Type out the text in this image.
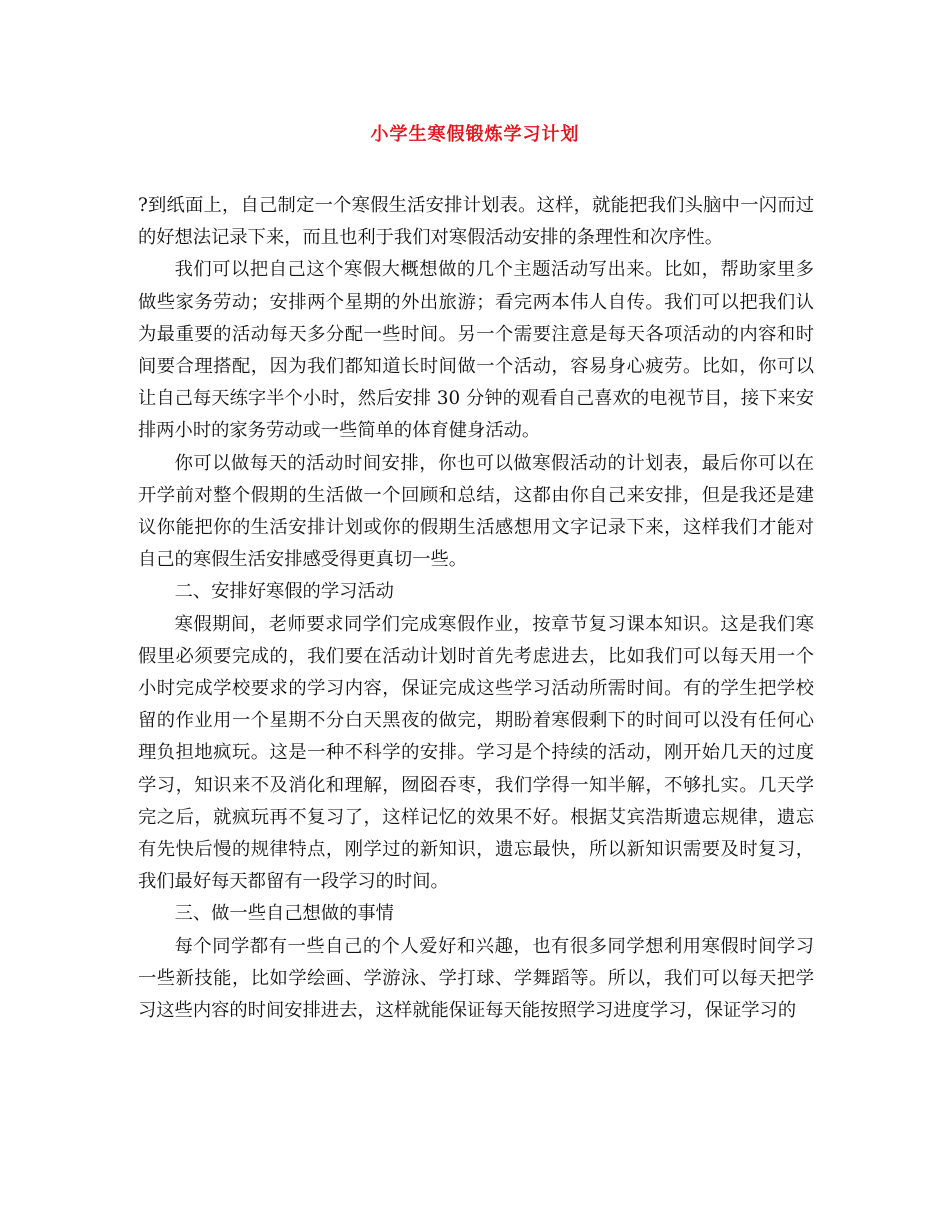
小学生寒假锻炼学习计划

?到纸面上，自己制定一个寒假生活安排计划表。这样，就能把我们头脑中一闪而过的好想法记录下来，而且也利于我们对寒假活动安排的条理性和次序性。

我们可以把自己这个寒假大概想做的几个主题活动写出来。比如，帮助家里多做些家务劳动；安排两个星期的外出旅游；看完两本伟人自传。我们可以把我们认为最重要的活动每天多分配一些时间。另一个需要注意是每天各项活动的内容和时间要合理搭配，因为我们都知道长时间做一个活动，容易身心疲劳。比如，你可以让自己每天练字半个小时，然后安排 30 分钟的观看自己喜欢的电视节目，接下来安排两小时的家务劳动或一些简单的体育健身活动。

你可以做每天的活动时间安排，你也可以做寒假活动的计划表，最后你可以在开学前对整个假期的生活做一个回顾和总结，这都由你自己来安排，但是我还是建议你能把你的生活安排计划或你的假期生活感想用文字记录下来，这样我们才能对自己的寒假生活安排感受得更真切一些。

二、安排好寒假的学习活动

寒假期间，老师要求同学们完成寒假作业，按章节复习课本知识。这是我们寒假里必须要完成的，我们要在活动计划时首先考虑进去，比如我们可以每天用一个小时完成学校要求的学习内容，保证完成这些学习活动所需时间。有的学生把学校留的作业用一个星期不分白天黑夜的做完，期盼着寒假剩下的时间可以没有任何心理负担地疯玩。这是一种不科学的安排。学习是个持续的活动，刚开始几天的过度学习，知识来不及消化和理解，囫囵吞枣，我们学得一知半解，不够扎实。几天学完之后，就疯玩再不复习了，这样记忆的效果不好。根据艾宾浩斯遗忘规律，遗忘有先快后慢的规律特点，刚学过的新知识，遗忘最快，所以新知识需要及时复习，我们最好每天都留有一段学习的时间。

三、做一些自己想做的事情

每个同学都有一些自己的个人爱好和兴趣，也有很多同学想利用寒假时间学习一些新技能，比如学绘画、学游泳、学打球、学舞蹈等。所以，我们可以每天把学习这些内容的时间安排进去，这样就能保证每天能按照学习进度学习，保证学习的
